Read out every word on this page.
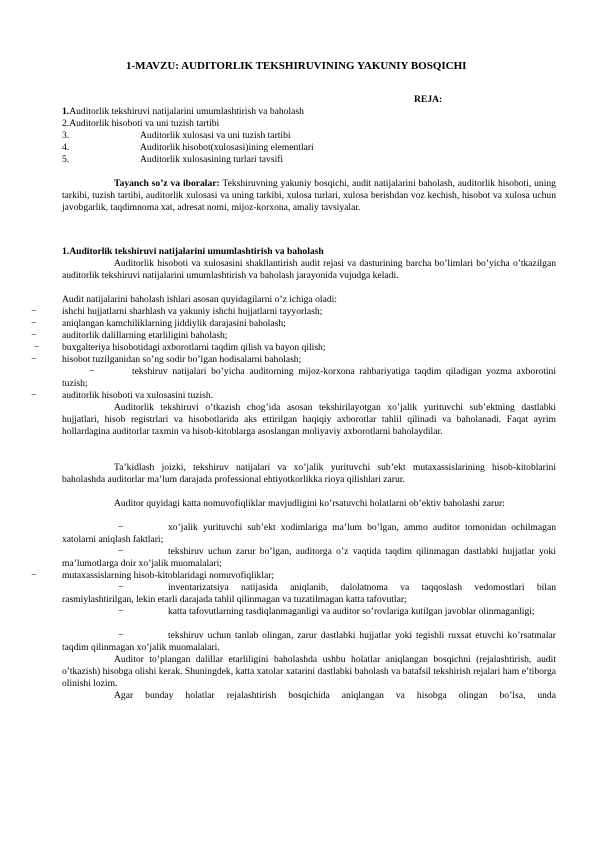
1-MAVZU: AUDITORLIK TEKSHIRUVINING YAKUNIY BOSQICHI
REJA:
1.Auditorlik tekshiruvi natijalarini umumlashtirish va baholash
2.Auditorlik hisoboti va uni tuzish tartibi
3.	Auditorlik xulosasi va uni tuzish tartibi
4.	Auditorlik hisobot(xulosasi)ining elementlari
5.	Auditorlik xulosasining turlari tavsifi
Tayanch so’z va iboralar: Tekshiruvning yakuniy bosqichi, audit natijalarini baholash, auditorlik hisoboti, uning tarkibi, tuzish tartibi, auditorlik xulosasi va uning tarkibi, xulosa turlari, xulosa berishdan voz kechish, hisobot va xulosa uchun javobgarlik, taqdimnoma xat, adresat nomi, mijoz-korxona, amaliy tavsiyalar.
1.Auditorlik tekshiruvi natijalarini umumlashtirish va baholash
Auditorlik hisoboti va xulosasini shakllantirish audit rejasi va dasturining barcha bo’limlari bo’yicha o’tkazilgan auditorlik tekshiruvi natijalarini umumlashtirish va baholash jarayonida vujudga keladi.
Audit natijalarini baholash ishlari asosan quyidagilarni o’z ichiga oladi:
−	ishchi hujjatlarni sharhlash va yakuniy ishchi hujjatlarni tayyorlash;
−	aniqlangan kamchiliklarning jiddiylik darajasini baholash;
−	auditorlik dalillarning etarliligini baholash;
− buxgalteriya hisobotidagi axborotlarni taqdim qilish va bayon qilish;
−	hisobot tuzilganidan so’ng sodir bo’lgan hodisalarni baholash;
−	tekshiruv natijalari bo’yicha auditorning mijoz-korxona rahbariyatiga taqdim qiladigan yozma axborotini tuzish;
−	auditorlik hisoboti va xulosasini tuzish.
Auditorlik tekshiruvi o’tkazish chog’ida asosan tekshirilayotgan xo’jalik yurituvchi sub’ektning dastlabki hujjatlari, hisob registrlari va hisobotlarida aks ettirilgan haqiqiy axborotlar tahlil qilinadi va baholanadi. Faqat ayrim hollardagina auditorlar taxmin va hisob-kitoblarga asoslangan moliyaviy axborotlarni baholaydilar.
Ta’kidlash joizki, tekshiruv natijalari va xo’jalik yurituvchi sub’ekt mutaxassislarining hisob-kitoblarini baholashda auditorlar ma’lum darajada professional ehtiyotkorlikka rioya qilishlari zarur.
Auditor quyidagi katta nomuvofiqliklar mavjudligini ko’rsatuvchi holatlarni ob’ektiv baholashi zarur:
−	xo’jalik yurituvchi sub’ekt xodimlariga ma’lum bo’lgan, ammo auditor tomonidan ochilmagan xatolarni aniqlash faktlari;
−	tekshiruv uchun zarur bo’lgan, auditorga o’z vaqtida taqdim qilinmagan dastlabki hujjatlar yoki ma’lumotlarga doir xo’jalik muomalalari;
−	mutaxassislarning hisob-kitoblaridagi nomuvofiqliklar;
−	inventarizatsiya natijasida aniqlanib, dalolatnoma va taqqoslash vedomostlari bilan rasmiylashtirilgan, lekin etarli darajada tahlil qilinmagan va tuzatilmagan katta tafovutlar;
−	katta tafovutlarning tasdiqlanmaganligi va auditor so’rovlariga kutilgan javoblar olinmaganligi;
−	tekshiruv uchun tanlab olingan, zarur dastlabki hujjatlar yoki tegishli ruxsat etuvchi ko’rsatmalar taqdim qilinmagan xo’jalik muomalalari.
Auditor to’plangan dalillar etarliligini baholashda ushbu holatlar aniqlangan bosqichni (rejalashtirish, audit o’tkazish) hisobga olishi kerak. Shuningdek, katta xatolar xatarini dastlabki baholash va batafsil tekshirish rejalari ham e’tiborga olinishi lozim.
Agar bunday holatlar rejalashtirish bosqichida aniqlangan va hisobga olingan bo’lsa, unda
